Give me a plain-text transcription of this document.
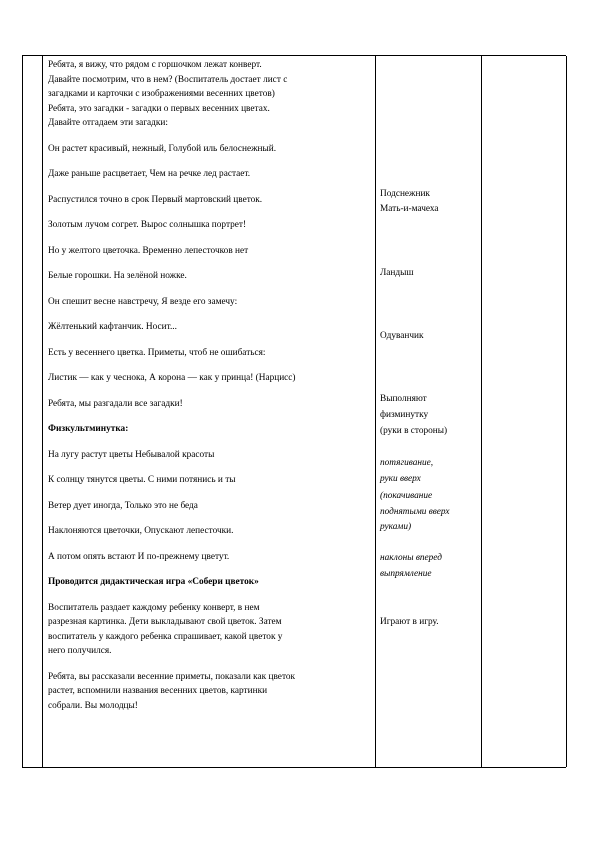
Ребята, я вижу, что рядом с горшочком лежат конверт.

Давайте посмотрим, что в нем? (Воспитатель достает лист с

загадками и карточки с изображениями весенних цветов)

Ребята, это загадки - загадки о первых весенних цветах.

Давайте отгадаем эти загадки:

Он растет красивый, нежный, Голубой иль белоснежный.

Даже раньше расцветает, Чем на речке лед растает.

Распустился точно в срок Первый мартовский цветок.

Золотым лучом согрет. Вырос солнышка портрет!

Но у желтого цветочка. Временно лепесточков нет

Белые горошки. На зелёной ножке.

Он спешит весне навстречу, Я везде его замечу:

Жёлтенький кафтанчик. Носит...

Есть у весеннего цветка. Приметы, чтоб не ошибаться:

Листик — как у чеснока, А корона — как у принца! (Нарцисс)

Ребята, мы разгадали все загадки!

Физкультминутка:

На лугу растут цветы Небывалой красоты

К солнцу тянутся цветы. С ними потянись и ты

Ветер дует иногда, Только это не беда

Наклоняются цветочки, Опускают лепесточки.

А потом опять встают И по-прежнему цветут.

Проводится дидактическая игра «Собери цветок»

Воспитатель раздает каждому ребенку конверт, в нем

разрезная картинка. Дети выкладывают свой цветок. Затем

воспитатель у каждого ребенка спрашивает, какой цветок у

него получился.

Ребята, вы рассказали весенние приметы, показали как цветок

растет, вспомнили названия весенних цветов, картинки

собрали. Вы молодцы!

Подснежник

Мать-и-мачеха

Ландыш

Одуванчик

Выполняют

физминутку

(руки в стороны)

потягивание,

руки вверх

(покачивание

поднятыми вверх

руками)

наклоны вперед

выпрямление

Играют в игру.
